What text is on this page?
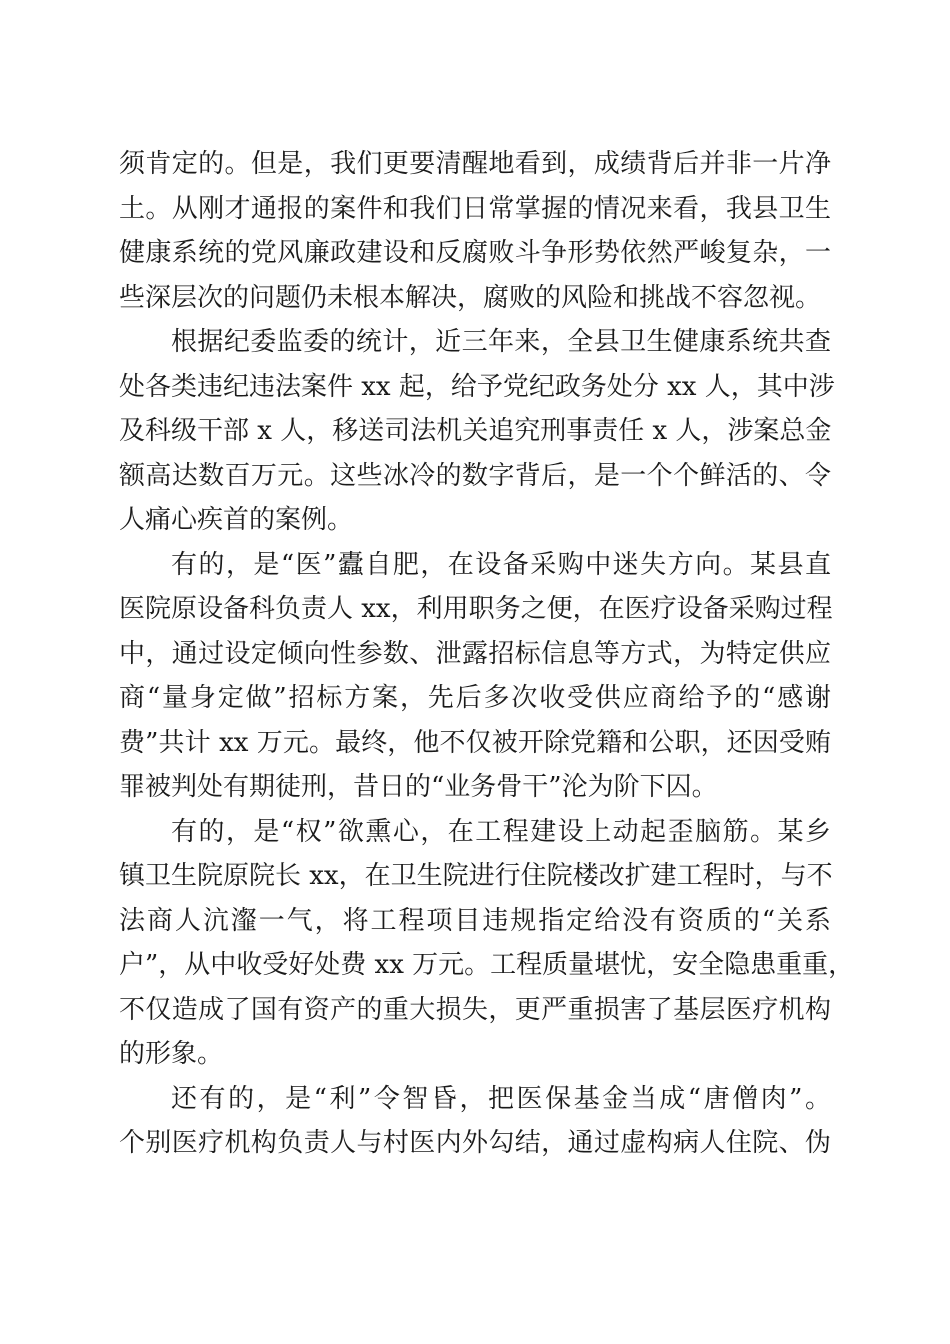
须肯定的。但是，我们更要清醒地看到，成绩背后并非一片净
土。从刚才通报的案件和我们日常掌握的情况来看，我县卫生
健康系统的党风廉政建设和反腐败斗争形势依然严峻复杂，一
些深层次的问题仍未根本解决，腐败的风险和挑战不容忽视。
根据纪委监委的统计，近三年来，全县卫生健康系统共查
处各类违纪违法案件 xx 起，给予党纪政务处分 xx 人，其中涉
及科级干部 x 人，移送司法机关追究刑事责任 x 人，涉案总金
额高达数百万元。这些冰冷的数字背后，是一个个鲜活的、令
人痛心疾首的案例。
有的，是“医”蠹自肥，在设备采购中迷失方向。某县直
医院原设备科负责人 xx，利用职务之便，在医疗设备采购过程
中，通过设定倾向性参数、泄露招标信息等方式，为特定供应
商“量身定做”招标方案，先后多次收受供应商给予的“感谢
费”共计 xx 万元。最终，他不仅被开除党籍和公职，还因受贿
罪被判处有期徒刑，昔日的“业务骨干”沦为阶下囚。
有的，是“权”欲熏心，在工程建设上动起歪脑筋。某乡
镇卫生院原院长 xx，在卫生院进行住院楼改扩建工程时，与不
法商人沆瀣一气，将工程项目违规指定给没有资质的“关系
户”，从中收受好处费 xx 万元。工程质量堪忧，安全隐患重重，
不仅造成了国有资产的重大损失，更严重损害了基层医疗机构
的形象。
还有的，是“利”令智昏，把医保基金当成“唐僧肉”。
个别医疗机构负责人与村医内外勾结，通过虚构病人住院、伪
